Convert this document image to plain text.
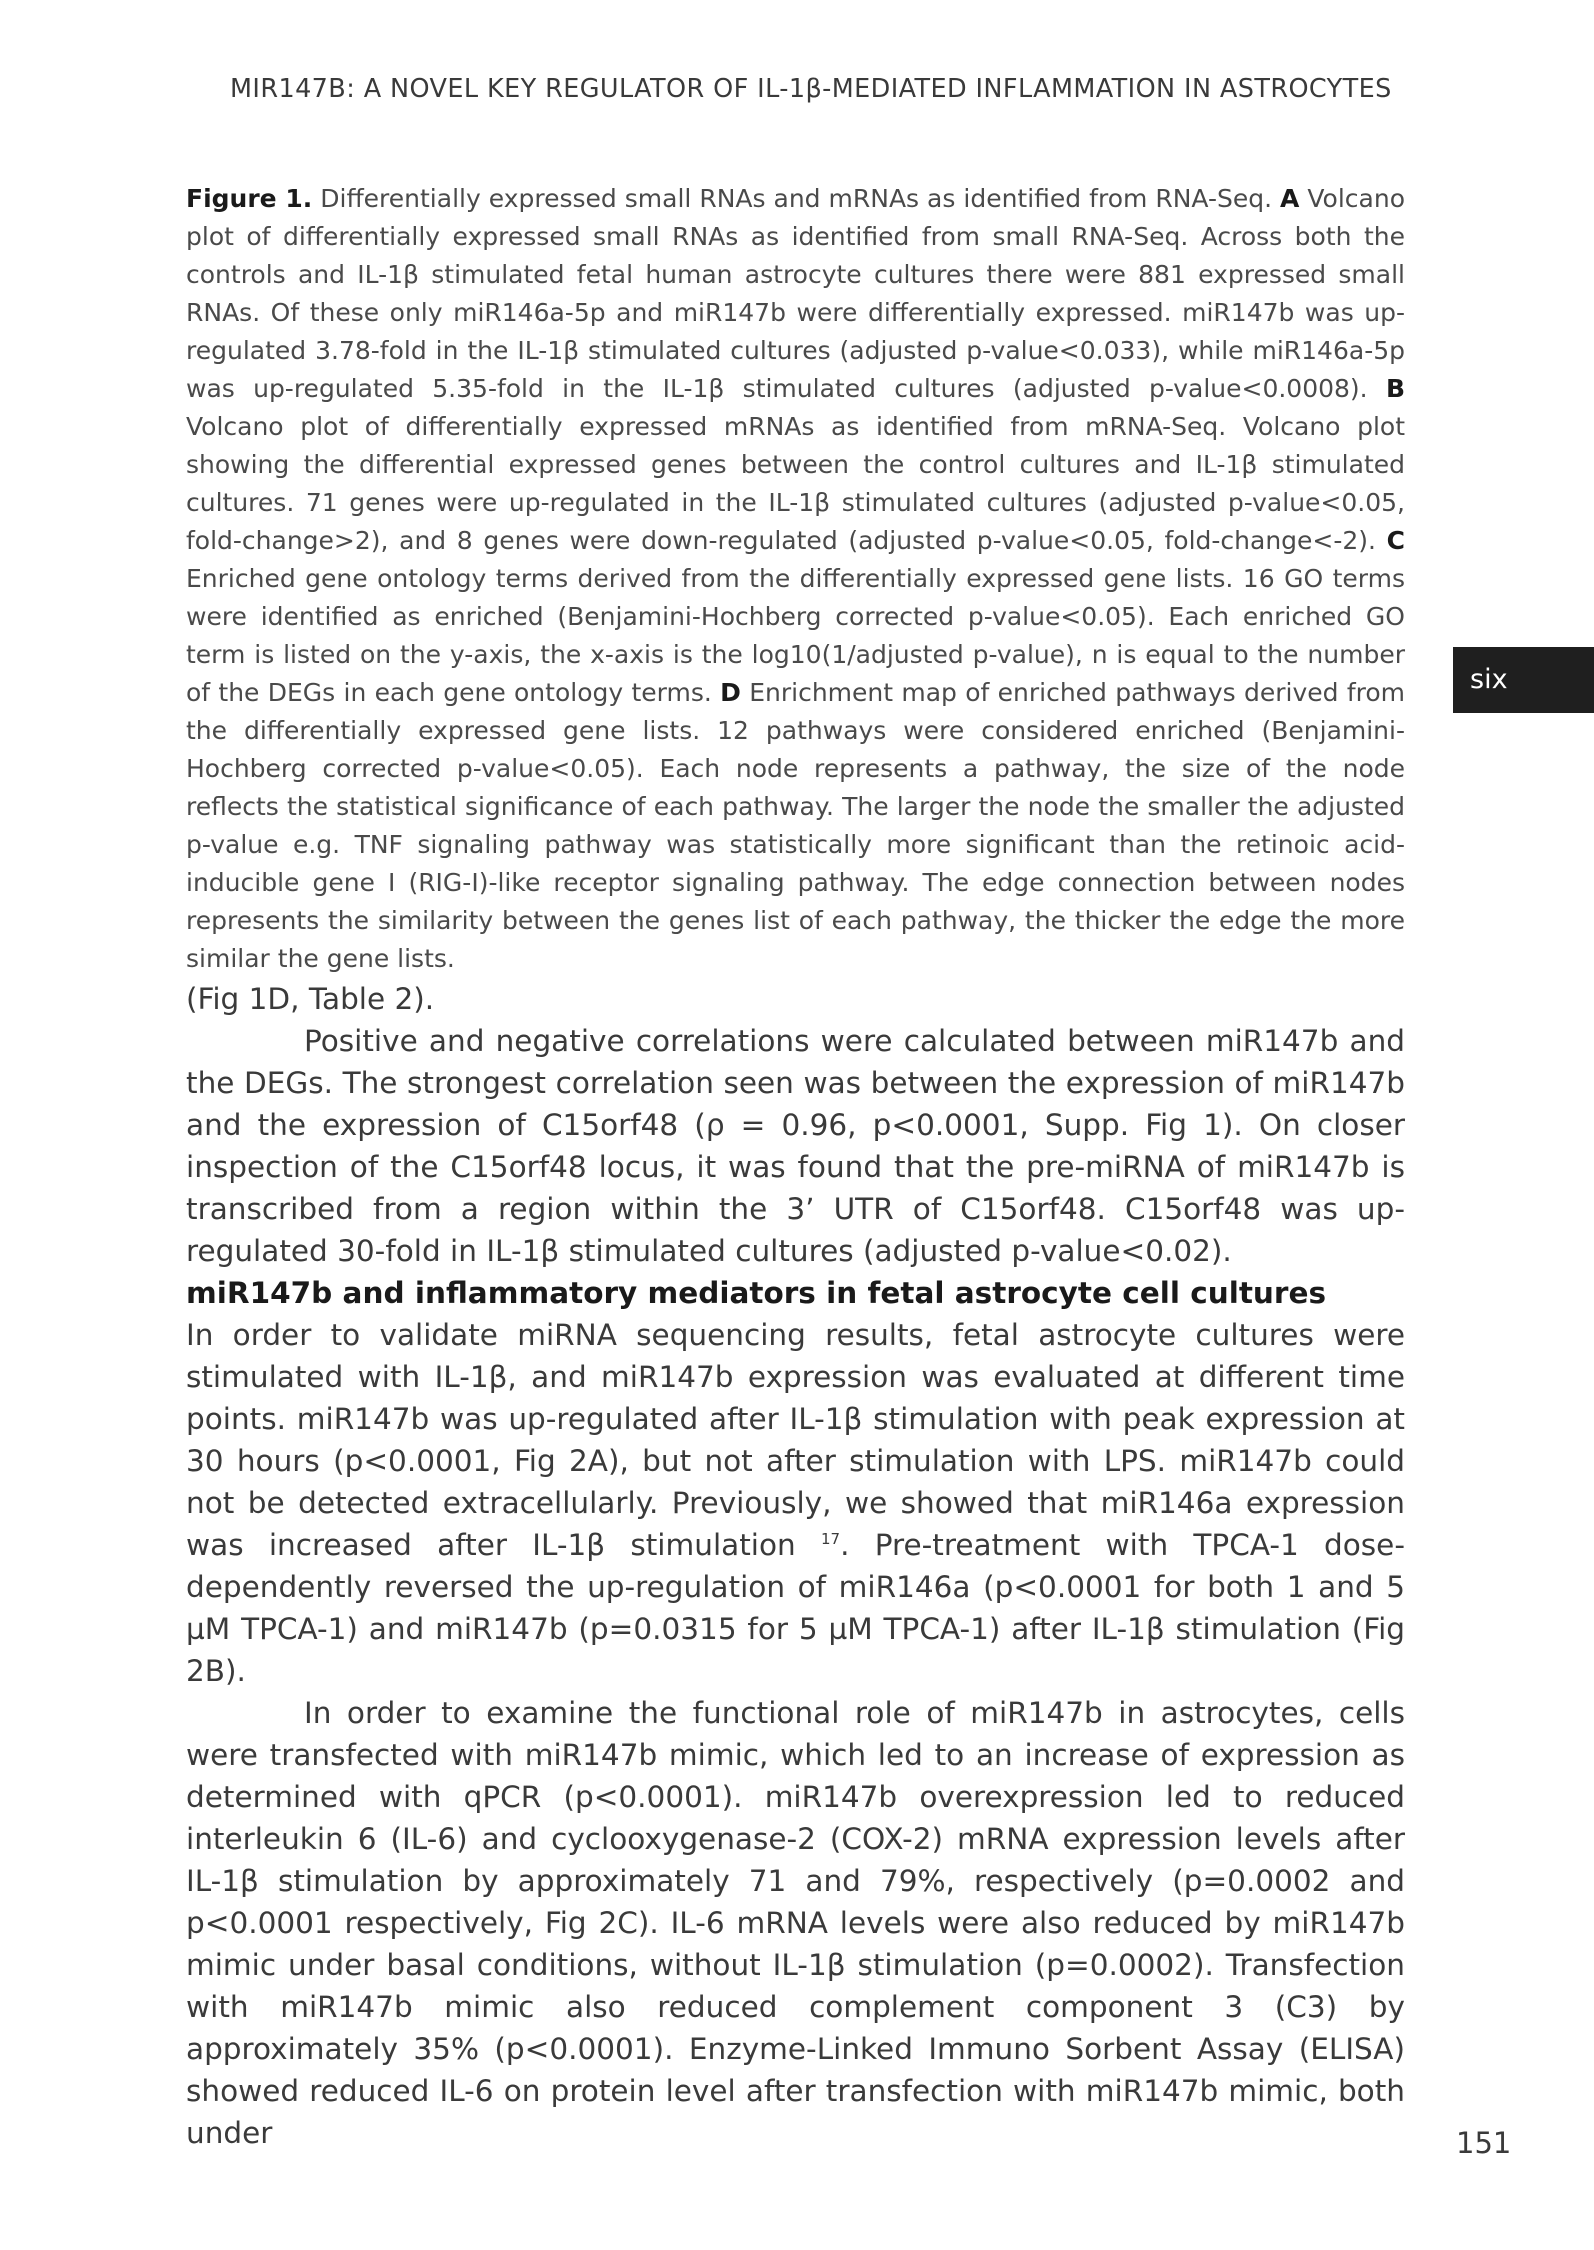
MIR147B: A NOVEL KEY REGULATOR OF IL-1β-MEDIATED INFLAMMATION IN ASTROCYTES
Figure 1. Differentially expressed small RNAs and mRNAs as identified from RNA-Seq. A Volcano plot of differentially expressed small RNAs as identified from small RNA-Seq. Across both the controls and IL-1β stimulated fetal human astrocyte cultures there were 881 expressed small RNAs. Of these only miR146a-5p and miR147b were differentially expressed. miR147b was up-regulated 3.78-fold in the IL-1β stimulated cultures (adjusted p-value<0.033), while miR146a-5p was up-regulated 5.35-fold in the IL-1β stimulated cultures (adjusted p-value<0.0008). B Volcano plot of differentially expressed mRNAs as identified from mRNA-Seq. Volcano plot showing the differential expressed genes between the control cultures and IL-1β stimulated cultures. 71 genes were up-regulated in the IL-1β stimulated cultures (adjusted p-value<0.05, fold-change>2), and 8 genes were down-regulated (adjusted p-value<0.05, fold-change<-2). C Enriched gene ontology terms derived from the differentially expressed gene lists. 16 GO terms were identified as enriched (Benjamini-Hochberg corrected p-value<0.05). Each enriched GO term is listed on the y-axis, the x-axis is the log10(1/adjusted p-value), n is equal to the number of the DEGs in each gene ontology terms. D Enrichment map of enriched pathways derived from the differentially expressed gene lists. 12 pathways were considered enriched (Benjamini-Hochberg corrected p-value<0.05). Each node represents a pathway, the size of the node reflects the statistical significance of each pathway. The larger the node the smaller the adjusted p-value e.g. TNF signaling pathway was statistically more significant than the retinoic acid-inducible gene I (RIG-I)-like receptor signaling pathway. The edge connection between nodes represents the similarity between the genes list of each pathway, the thicker the edge the more similar the gene lists.
six

(Fig 1D, Table 2).

Positive and negative correlations were calculated between miR147b and the DEGs. The strongest correlation seen was between the expression of miR147b and the expression of C15orf48 (ρ = 0.96, p<0.0001, Supp. Fig 1). On closer inspection of the C15orf48 locus, it was found that the pre-miRNA of miR147b is transcribed from a region within the 3’ UTR of C15orf48. C15orf48 was up-regulated 30-fold in IL-1β stimulated cultures (adjusted p-value<0.02).

miR147b and inflammatory mediators in fetal astrocyte cell cultures

In order to validate miRNA sequencing results, fetal astrocyte cultures were stimulated with IL-1β, and miR147b expression was evaluated at different time points. miR147b was up-regulated after IL-1β stimulation with peak expression at 30 hours (p<0.0001, Fig 2A), but not after stimulation with LPS. miR147b could not be detected extracellularly. Previously, we showed that miR146a expression was increased after IL-1β stimulation $^{17}$. Pre-treatment with TPCA-1 dose-dependently reversed the up-regulation of miR146a (p<0.0001 for both 1 and 5 µM TPCA-1) and miR147b (p=0.0315 for 5 µM TPCA-1) after IL-1β stimulation (Fig 2B).

In order to examine the functional role of miR147b in astrocytes, cells were transfected with miR147b mimic, which led to an increase of expression as determined with qPCR (p<0.0001). miR147b overexpression led to reduced interleukin 6 (IL-6) and cyclooxygenase-2 (COX-2) mRNA expression levels after IL-1β stimulation by approximately 71 and 79%, respectively (p=0.0002 and p<0.0001 respectively, Fig 2C). IL-6 mRNA levels were also reduced by miR147b mimic under basal conditions, without IL-1β stimulation (p=0.0002). Transfection with miR147b mimic also reduced complement component 3 (C3) by approximately 35% (p<0.0001). Enzyme-Linked Immuno Sorbent Assay (ELISA) showed reduced IL-6 on protein level after transfection with miR147b mimic, both under	151
